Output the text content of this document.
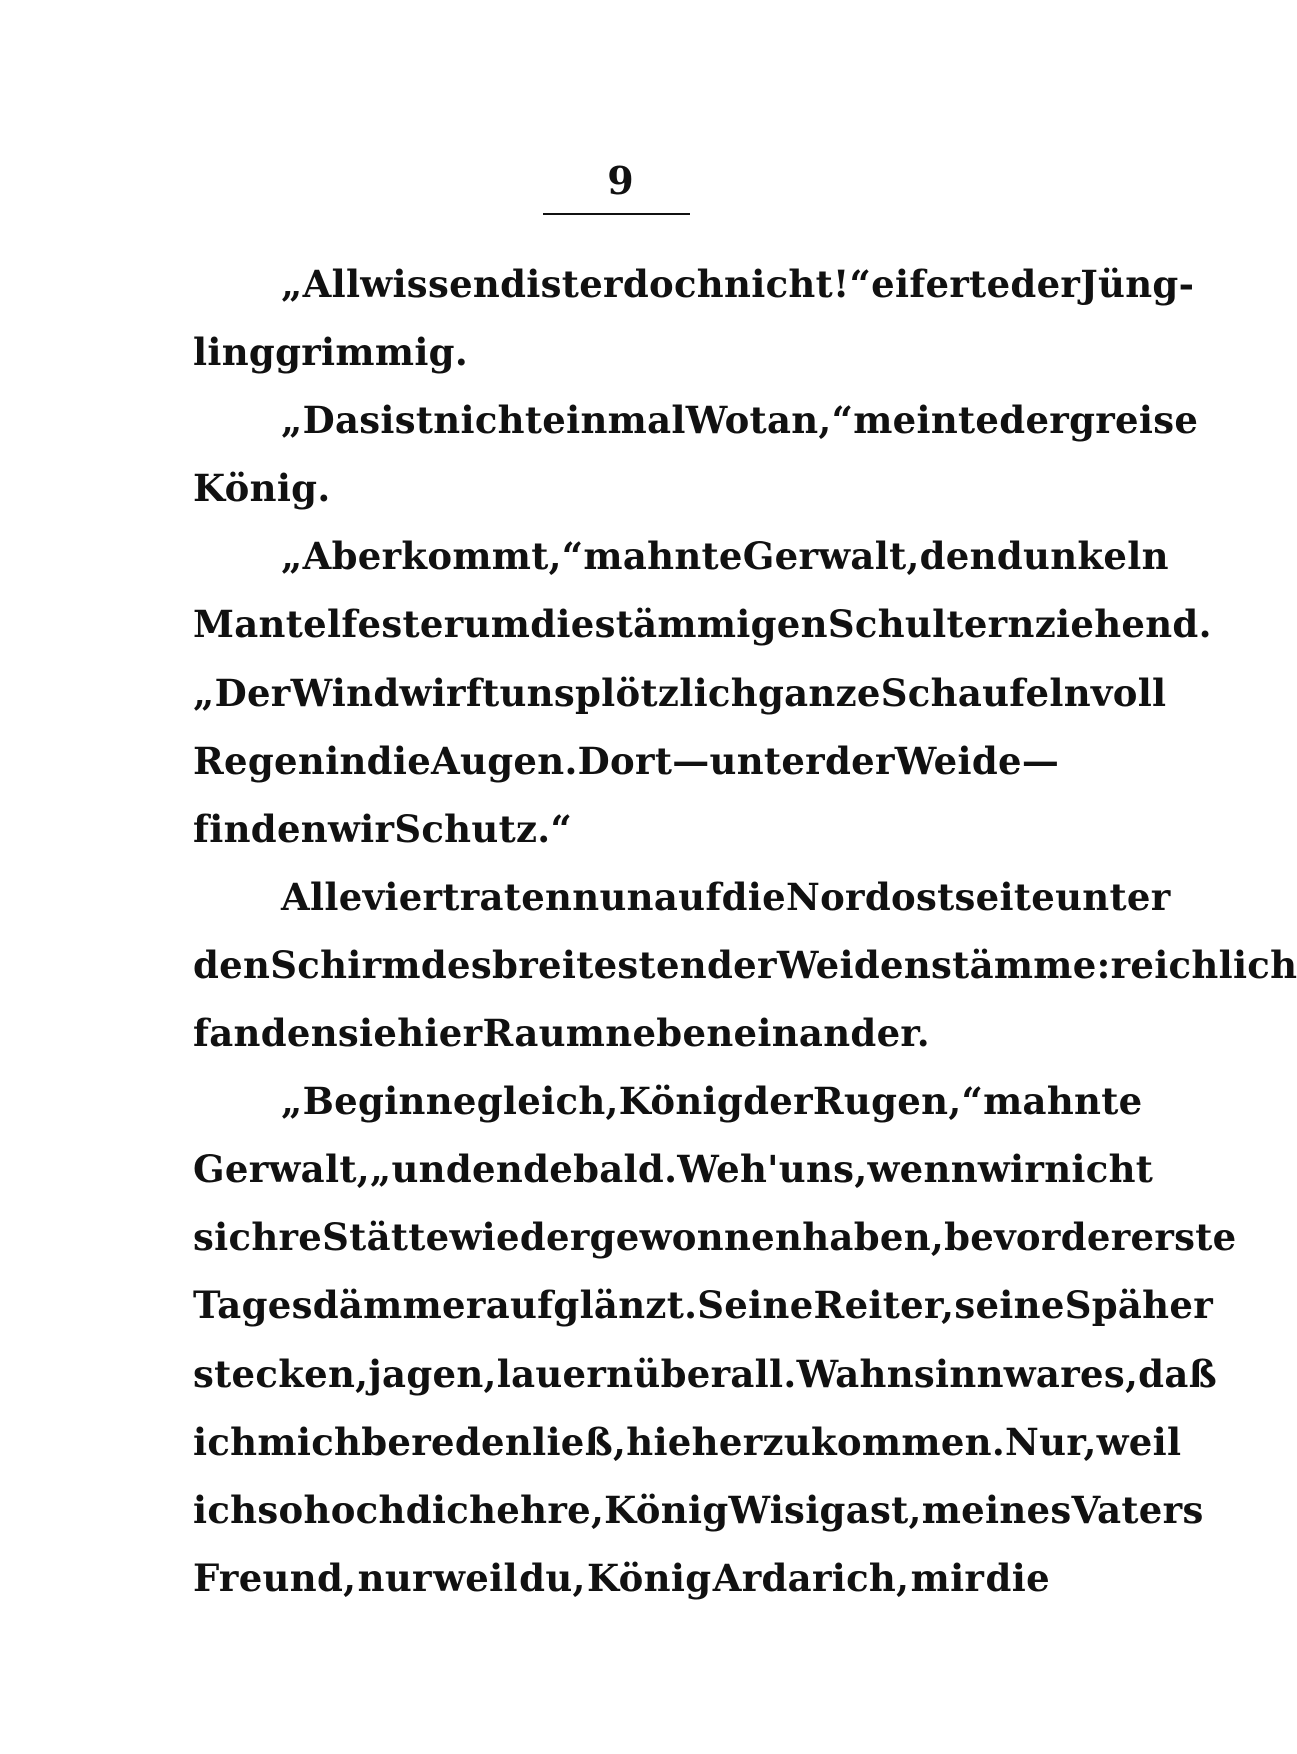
9
„Allwissend ist er doch nicht!“ eiferte der Jüng-
ling grimmig.
„Das ist nicht einmal Wotan,“ meinte der greise
König.
„Aber kommt,“ mahnte Gerwalt, den dunkeln
Mantel fester um die stämmigen Schultern ziehend.
„Der Wind wirft uns plötzlich ganze Schaufeln voll
Regen in die Augen. Dort — unter der Weide —
finden wir Schutz.“
Alle vier traten nun auf die Nordostseite unter
den Schirm des breitesten der Weidenstämme: reichlich
fanden sie hier Raum neben einander.
„Beginne gleich, König der Rugen,“ mahnte
Gerwalt, „und ende bald. Weh' uns, wenn wir nicht
sichre Stätte wieder gewonnen haben, bevor der erste
Tagesdämmer aufglänzt. Seine Reiter, seine Späher
stecken, jagen, lauern überall. Wahnsinn war es, daß
ich mich bereden ließ, hieher zu kommen. Nur, weil
ich so hoch dich ehre, König Wisigast, meines Vaters
Freund, nur weil du, König Ardarich, mir die
